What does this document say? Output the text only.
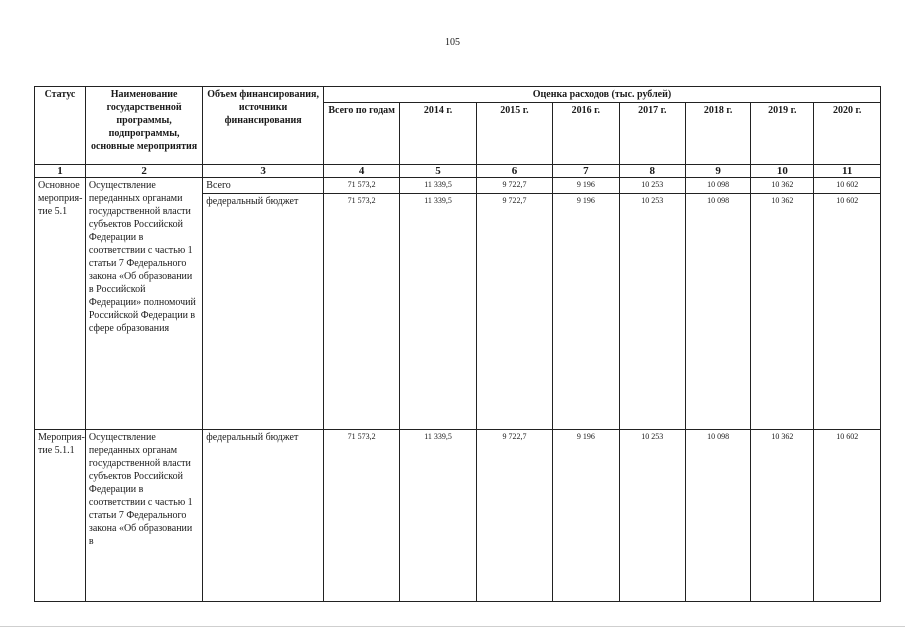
105
Статус	Наименование государственной программы, подпрограммы, основные мероприятия	Объем финансирования, источники финансирования	Оценка расходов (тыс. рублей)							
			Всего по годам	2014 г.	2015 г.	2016 г.	2017 г.	2018 г.	2019 г.	2020 г.
1	2	3	4	5	6	7	8	9	10	11
Основное мероприя-тие 5.1	Осуществление переданных органами государственной власти субъектов Российской Федерации в соответствии с частью 1 статьи 7 Федерального закона «Об образовании в Российской Федерации» полномочий Российской Федерации в сфере образования	Всего	71 573,2	11 339,5	9 722,7	9 196	10 253	10 098	10 362	10 602
		федеральный бюджет	71 573,2	11 339,5	9 722,7	9 196	10 253	10 098	10 362	10 602
Мероприя-тие 5.1.1	Осуществление переданных органам государственной власти субъектов Российской Федерации в соответствии с частью 1 статьи 7 Федерального закона «Об образовании в	федеральный бюджет	71 573,2	11 339,5	9 722,7	9 196	10 253	10 098	10 362	10 602
